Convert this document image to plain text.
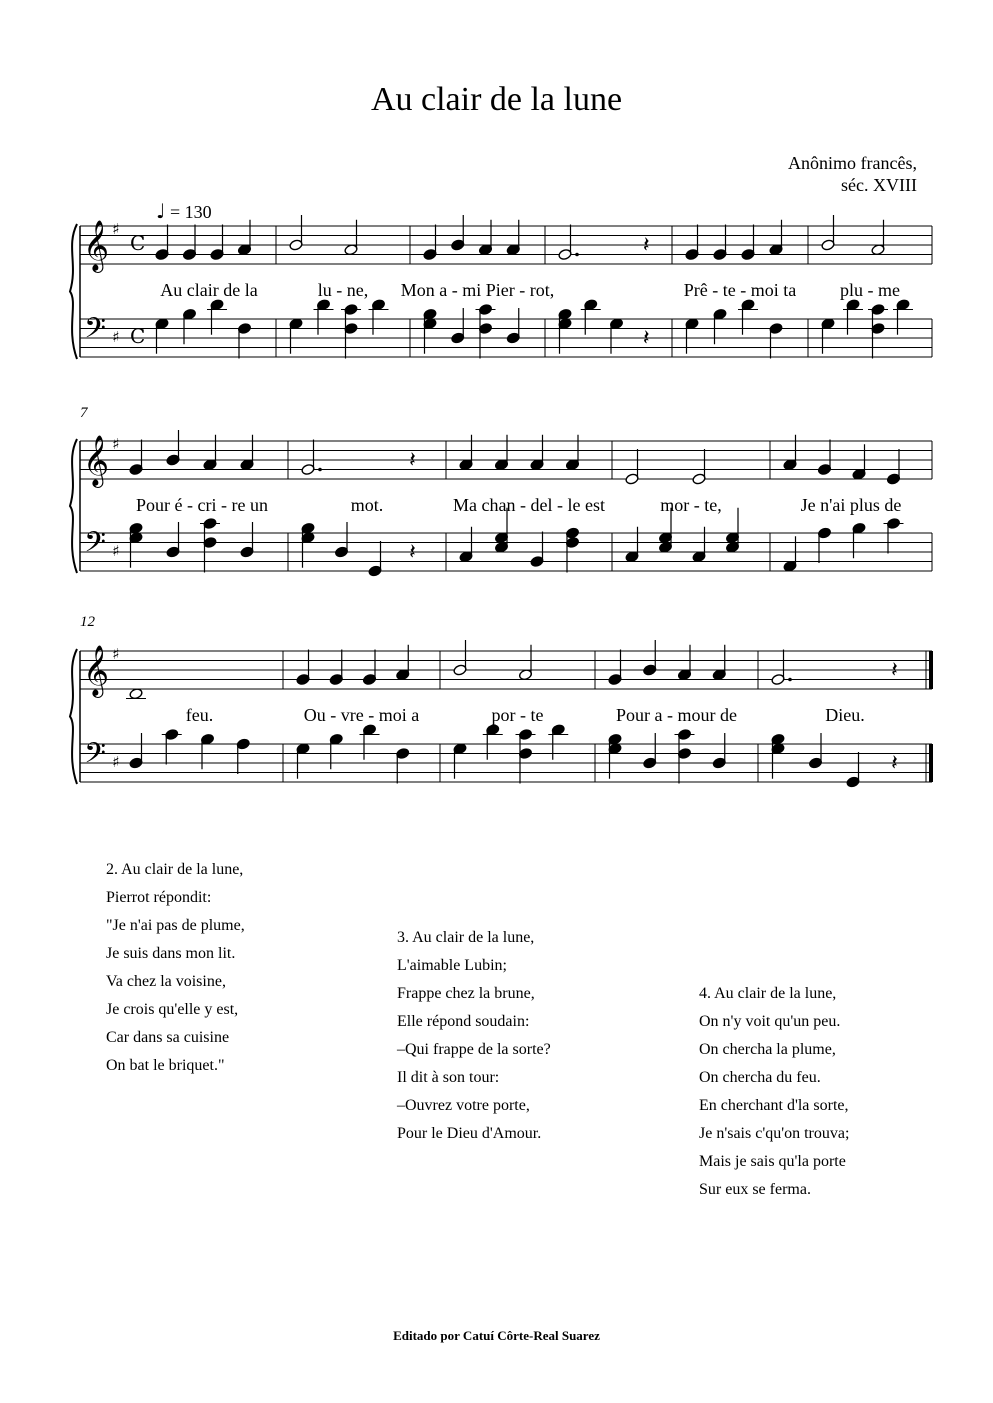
Au clair de la lune
Anônimo francês,
séc. XVIII
♩ = 130
𝄞
𝄢
♯
♯
C
C
𝄽
𝄽
𝄞
𝄢
♯
♯
𝄽
𝄽
𝄞
𝄢
♯
♯
𝄽
𝄽
7
12
Au clair de la	lu - ne, Mon a - mi Pier - rot,	Prê - te - moi ta plu - me
Pour é - cri - re un	mot.	Ma chan - del - le est	mor - te,	Je n'ai plus de
feu.	Ou - vre - moi a	por - te	Pour a - mour de	Dieu.
2. Au clair de la lune,
Pierrot répondit:
"Je n'ai pas de plume,
Je suis dans mon lit.
Va chez la voisine,
Je crois qu'elle y est,
Car dans sa cuisine
On bat le briquet."
3. Au clair de la lune,
L'aimable Lubin;
Frappe chez la brune,
Elle répond soudain:
–Qui frappe de la sorte?
Il dit à son tour:
–Ouvrez votre porte,
Pour le Dieu d'Amour.
4. Au clair de la lune,
On n'y voit qu'un peu.
On chercha la plume,
On chercha du feu.
En cherchant d'la sorte,
Je n'sais c'qu'on trouva;
Mais je sais qu'la porte
Sur eux se ferma.
Editado por Catuí Côrte-Real Suarez
